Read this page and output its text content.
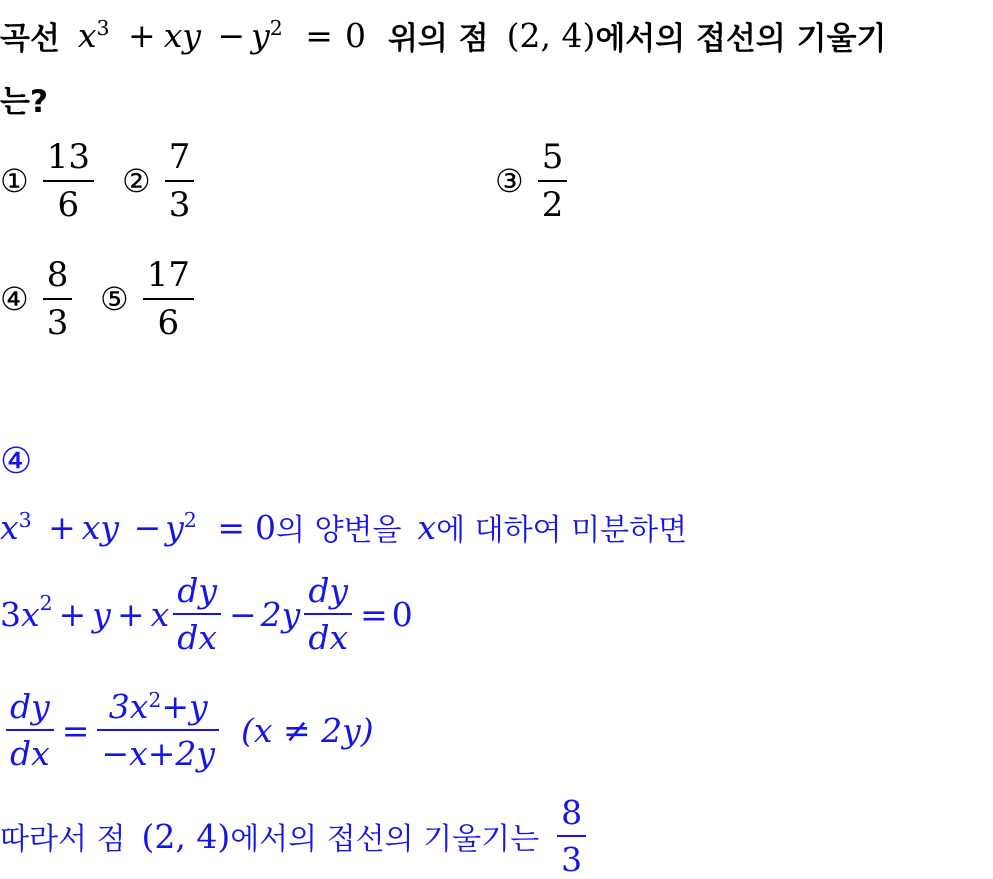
곡선 $x^3$ + xy − $y^2 = 0$ 위의 점 (2, 4) 에서의 접선의 기울기
는?
① $\frac{13}{6}$ ② $\frac{7}{3}$	③ $\frac{5}{2}$
④ $\frac{8}{3}$ ⑤ $\frac{17}{6}$
④
$x^3$ + xy − $y^2 = 0$ 의 양변을 x 에 대하여 미분하면
3 $x^2 + y + x \frac{dy}{dx} - 2y \frac{dy}{dx} = 0$
$\frac{dy}{dx} = \frac{3x^2+y}{-x+2y} (x \ne 2y)$
따라서 점 (2, 4) 에서의 접선의 기울기는 $\frac{8}{3}$
